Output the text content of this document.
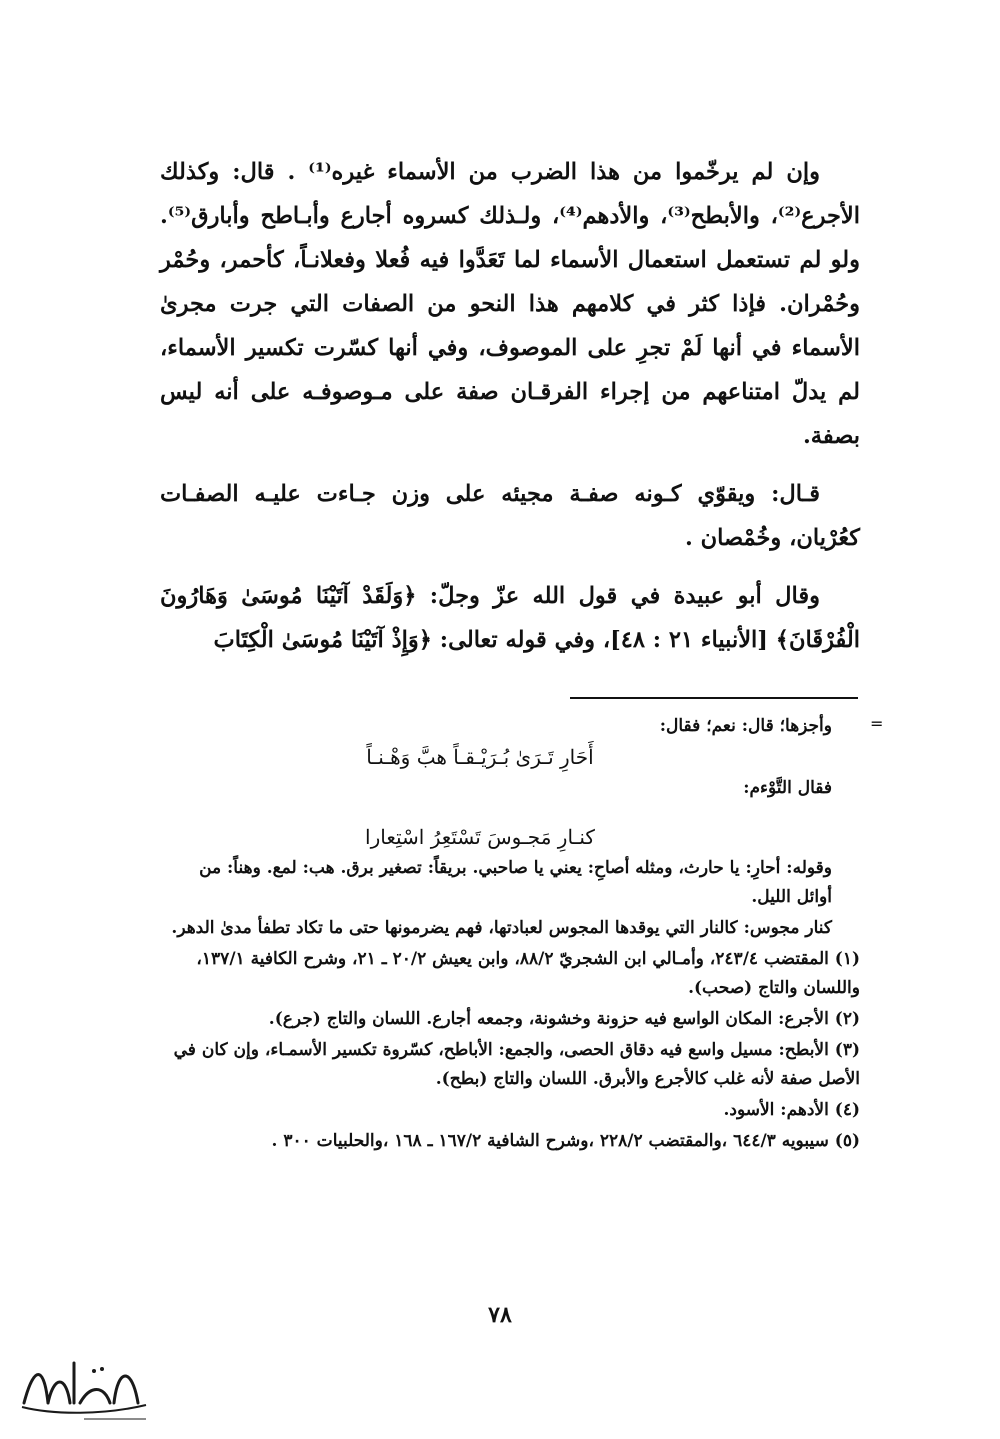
وإن لم يرخّموا من هذا الضرب من الأسماء غيره⁽¹⁾ . قال: وكذلك الأجرع⁽²⁾، والأبطح⁽³⁾، والأدهم⁽⁴⁾، ولـذلك كسروه أجارع وأبـاطح وأبارق⁽⁵⁾. ولو لم تستعمل استعمال الأسماء لما تَعَدَّوا فيه فُعلا وفعلانـاً، كأحمر، وحُمْر وحُمْران. فإذا كثر في كلامهم هذا النحو من الصفات التي جرت مجرىٰ الأسماء في أنها لَمْ تجرِ على الموصوف، وفي أنها كسّرت تكسير الأسماء، لم يدلّ امتناعهم من إجراء الفرقـان صفة على مـوصوفـه على أنه ليس بصفة.

قـال: ويقوّي كـونه صفـة مجيئه على وزن جـاءت عليـه الصفـات كعُرْيان، وخُمْصان .

وقال أبو عبيدة في قول الله عزّ وجلّ: ﴿وَلَقَدْ آتَيْنَا مُوسَىٰ وَهَارُونَ الْفُرْقَانَ﴾ [الأنبياء ٢١ : ٤٨]، وفي قوله تعالى: ﴿وَإِذْ آتَيْنَا مُوسَىٰ الْكِتَابَ

=
وأجزها؛ قال: نعم؛ فقال:
أَحَارِ تَـرَىٰ بُـرَيْـقـاً هبَّ وَهْـنـاً
فقال التَّوْءم:
كنـارِ مَجـوسَ تَسْتَعِرُ اسْتِعارا
وقوله: أحارِ: يا حارث، ومثله أصاحِ: يعني يا صاحبي. بريقاً: تصغير برق. هب: لمع. وهناً: من أوائل الليل.
كنار مجوس: كالنار التي يوقدها المجوس لعبادتها، فهم يضرمونها حتى ما تكاد تطفأ مدىٰ الدهر.
(١) المقتضب ٢٤٣/٤، وأمـالي ابن الشجريّ ٨٨/٢، وابن يعيش ٢٠/٢ ـ ٢١، وشرح الكافية ١٣٧/١، واللسان والتاج (صحب).
(٢) الأجرع: المكان الواسع فيه حزونة وخشونة، وجمعه أجارع. اللسان والتاج (جرع).
(٣) الأبطح: مسيل واسع فيه دقاق الحصى، والجمع: الأباطح، كسّروة تكسير الأسمـاء، وإن كان في الأصل صفة لأنه غلب كالأجرع والأبرق. اللسان والتاج (بطح).
(٤) الأدهم: الأسود.
(٥) سيبويه ٦٤٤/٣ ،والمقتضب ٢٢٨/٢ ،وشرح الشافية ١٦٧/٢ ـ ١٦٨ ،والحلبيات ٣٠٠ .
٧٨
